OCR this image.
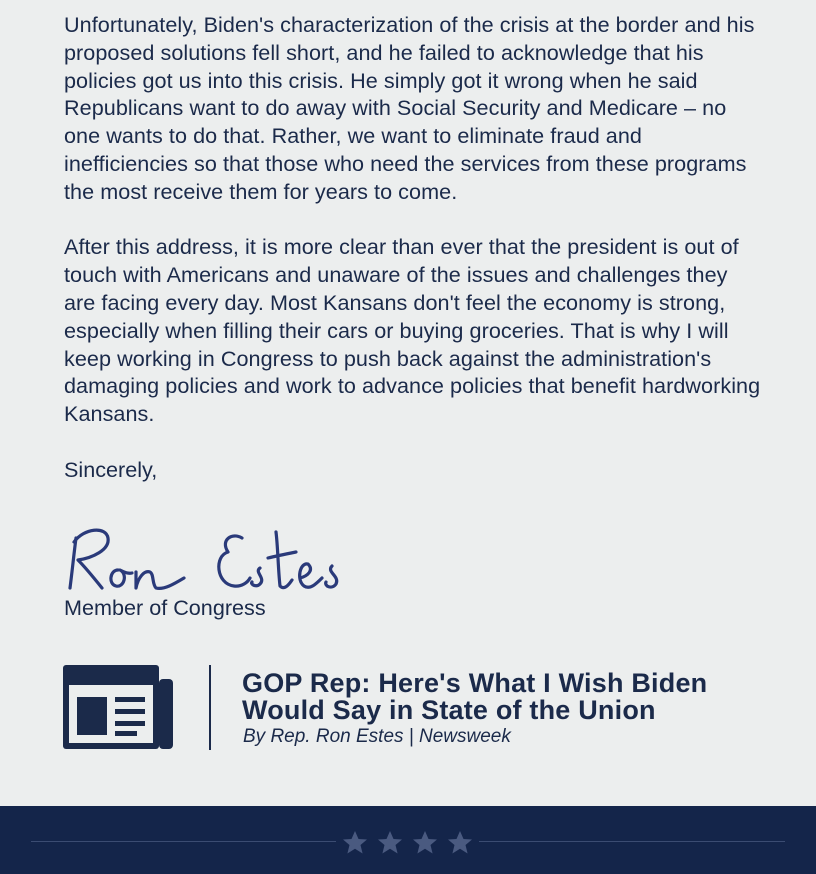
Unfortunately, Biden's characterization of the crisis at the border and his proposed solutions fell short, and he failed to acknowledge that his policies got us into this crisis. He simply got it wrong when he said Republicans want to do away with Social Security and Medicare – no one wants to do that. Rather, we want to eliminate fraud and inefficiencies so that those who need the services from these programs the most receive them for years to come.

After this address, it is more clear than ever that the president is out of touch with Americans and unaware of the issues and challenges they are facing every day. Most Kansans don't feel the economy is strong, especially when filling their cars or buying groceries. That is why I will keep working in Congress to push back against the administration's damaging policies and work to advance policies that benefit hardworking Kansans.

Sincerely,

Member of Congress

GOP Rep: Here's What I Wish Biden
Would Say in State of the Union

By Rep. Ron Estes | Newsweek
